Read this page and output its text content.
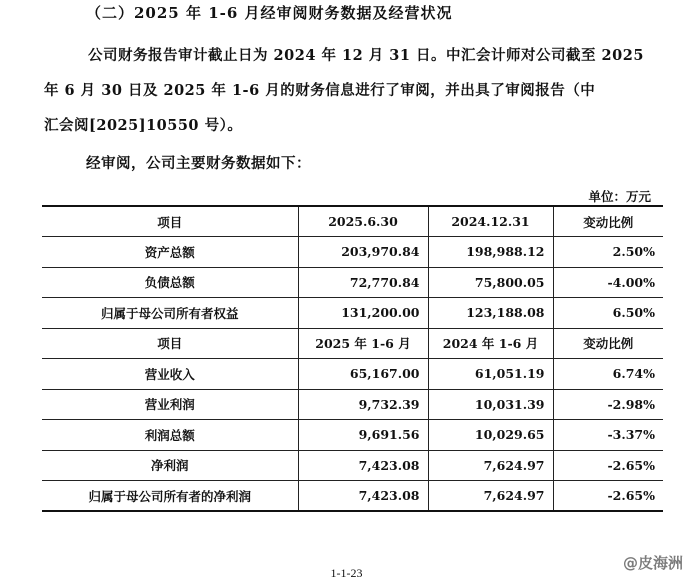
（二）2025 年 1-6 月经审阅财务数据及经营状况
公司财务报告审计截止日为 2024 年 12 月 31 日。中汇会计师对公司截至 2025
年 6 月 30 日及 2025 年 1-6 月的财务信息进行了审阅，并出具了审阅报告（中
汇会阅[2025]10550 号）。
经审阅，公司主要财务数据如下：
单位：万元
项目	2025.6.30	2024.12.31	变动比例
资产总额	203,970.84	198,988.12	2.50%
负债总额	72,770.84	75,800.05	-4.00%
归属于母公司所有者权益	131,200.00	123,188.08	6.50%
项目	2025 年 1-6 月	2024 年 1-6 月	变动比例
营业收入	65,167.00	61,051.19	6.74%
营业利润	9,732.39	10,031.39	-2.98%
利润总额	9,691.56	10,029.65	-3.37%
净利润	7,423.08	7,624.97	-2.65%
归属于母公司所有者的净利润	7,423.08	7,624.97	-2.65%
1-1-23
@皮海洲
